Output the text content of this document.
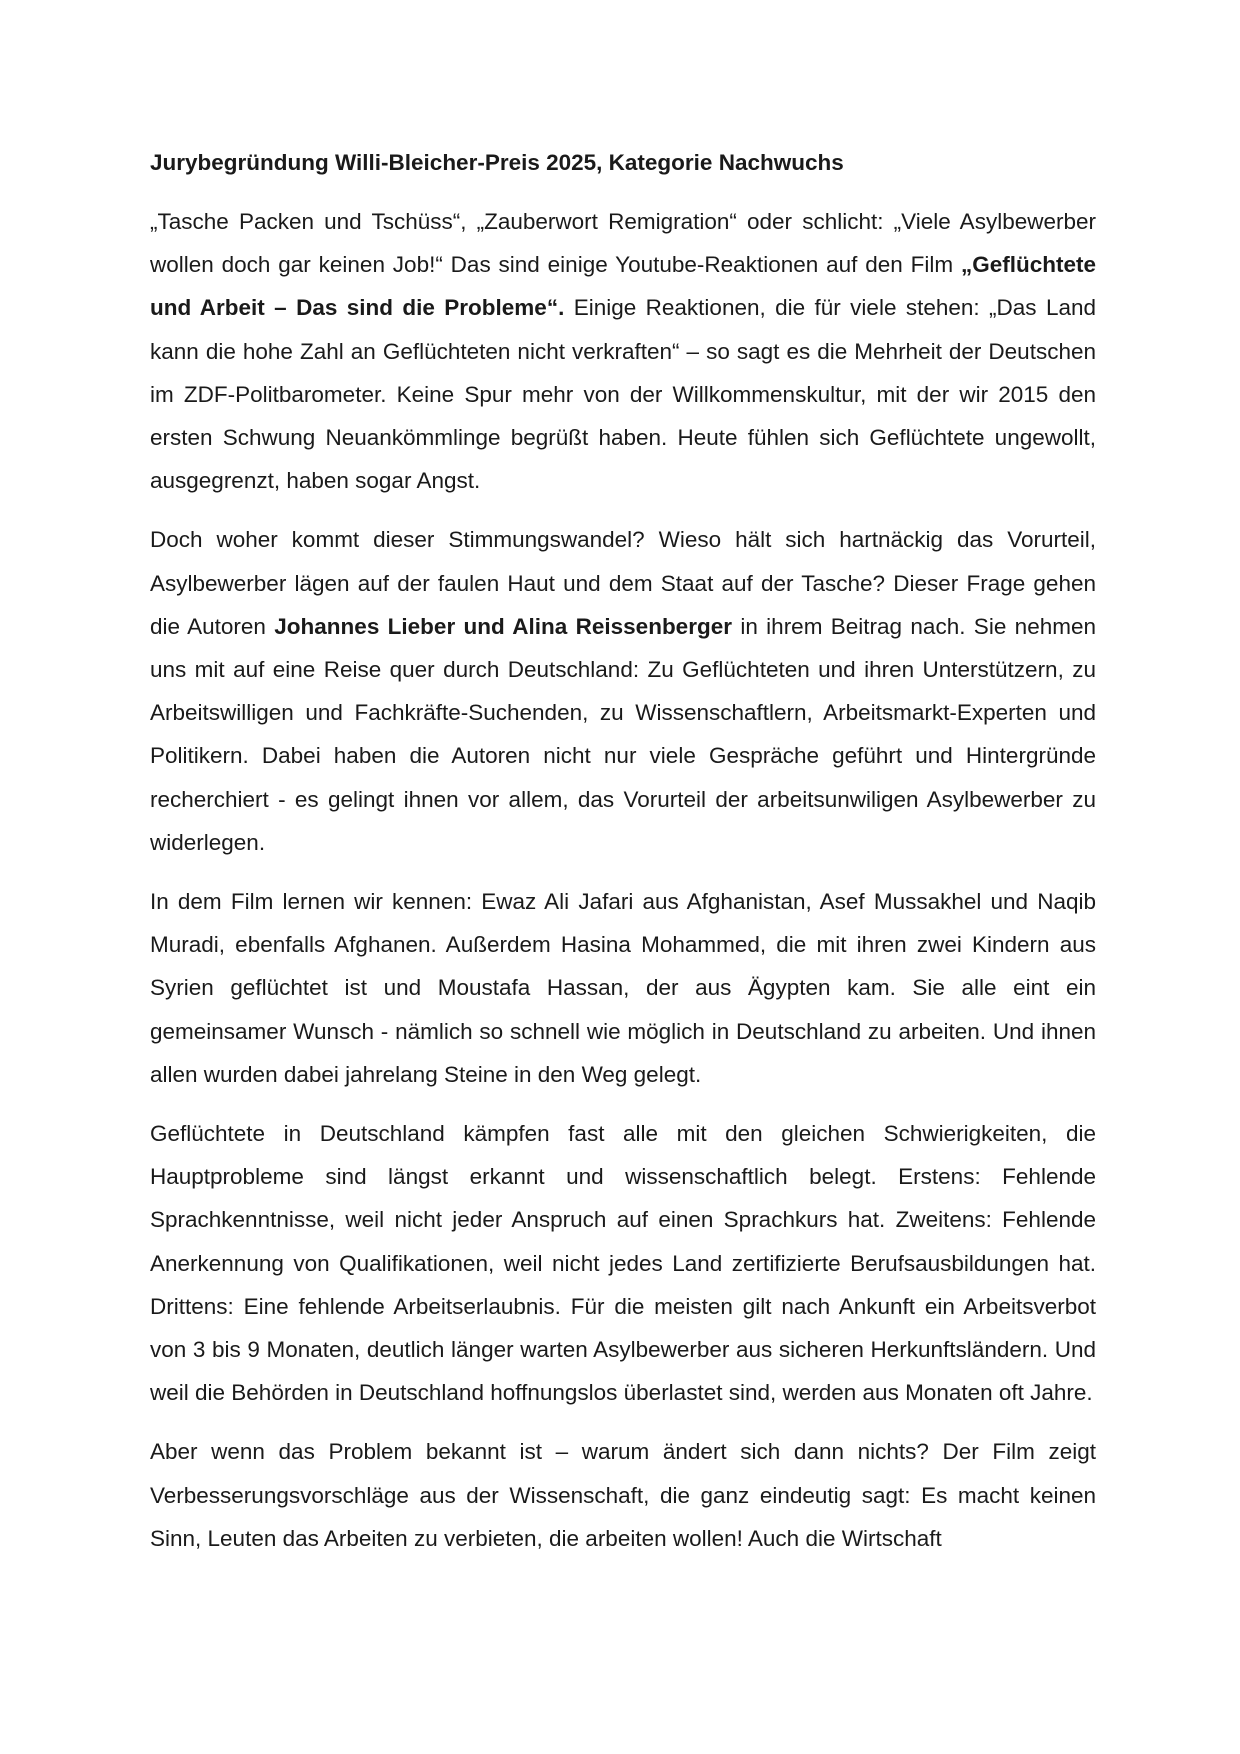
Jurybegründung Willi-Bleicher-Preis 2025, Kategorie Nachwuchs

„Tasche Packen und Tschüss“, „Zauberwort Remigration“ oder schlicht: „Viele Asylbewerber wollen doch gar keinen Job!“ Das sind einige Youtube-Reaktionen auf den Film „Geflüchtete und Arbeit – Das sind die Probleme“. Einige Reaktionen, die für viele stehen: „Das Land kann die hohe Zahl an Geflüchteten nicht verkraften“ – so sagt es die Mehrheit der Deutschen im ZDF-Politbarometer. Keine Spur mehr von der Willkommenskultur, mit der wir 2015 den ersten Schwung Neuankömmlinge begrüßt haben. Heute fühlen sich Geflüchtete ungewollt, ausgegrenzt, haben sogar Angst.

Doch woher kommt dieser Stimmungswandel? Wieso hält sich hartnäckig das Vorurteil, Asylbewerber lägen auf der faulen Haut und dem Staat auf der Tasche? Dieser Frage gehen die Autoren Johannes Lieber und Alina Reissenberger in ihrem Beitrag nach. Sie nehmen uns mit auf eine Reise quer durch Deutschland: Zu Geflüchteten und ihren Unterstützern, zu Arbeitswilligen und Fachkräfte-Suchenden, zu Wissenschaftlern, Arbeitsmarkt-Experten und Politikern. Dabei haben die Autoren nicht nur viele Gespräche geführt und Hintergründe recherchiert - es gelingt ihnen vor allem, das Vorurteil der arbeitsunwiligen Asylbewerber zu widerlegen.

In dem Film lernen wir kennen: Ewaz Ali Jafari aus Afghanistan, Asef Mussakhel und Naqib Muradi, ebenfalls Afghanen. Außerdem Hasina Mohammed, die mit ihren zwei Kindern aus Syrien geflüchtet ist und Moustafa Hassan, der aus Ägypten kam. Sie alle eint ein gemeinsamer Wunsch - nämlich so schnell wie möglich in Deutschland zu arbeiten. Und ihnen allen wurden dabei jahrelang Steine in den Weg gelegt.

Geflüchtete in Deutschland kämpfen fast alle mit den gleichen Schwierigkeiten, die Hauptprobleme sind längst erkannt und wissenschaftlich belegt. Erstens: Fehlende Sprachkenntnisse, weil nicht jeder Anspruch auf einen Sprachkurs hat. Zweitens: Fehlende Anerkennung von Qualifikationen, weil nicht jedes Land zertifizierte Berufsausbildungen hat. Drittens: Eine fehlende Arbeitserlaubnis. Für die meisten gilt nach Ankunft ein Arbeitsverbot von 3 bis 9 Monaten, deutlich länger warten Asylbewerber aus sicheren Herkunftsländern. Und weil die Behörden in Deutschland hoffnungslos überlastet sind, werden aus Monaten oft Jahre.

Aber wenn das Problem bekannt ist – warum ändert sich dann nichts? Der Film zeigt Verbesserungsvorschläge aus der Wissenschaft, die ganz eindeutig sagt: Es macht keinen Sinn, Leuten das Arbeiten zu verbieten, die arbeiten wollen! Auch die Wirtschaft
